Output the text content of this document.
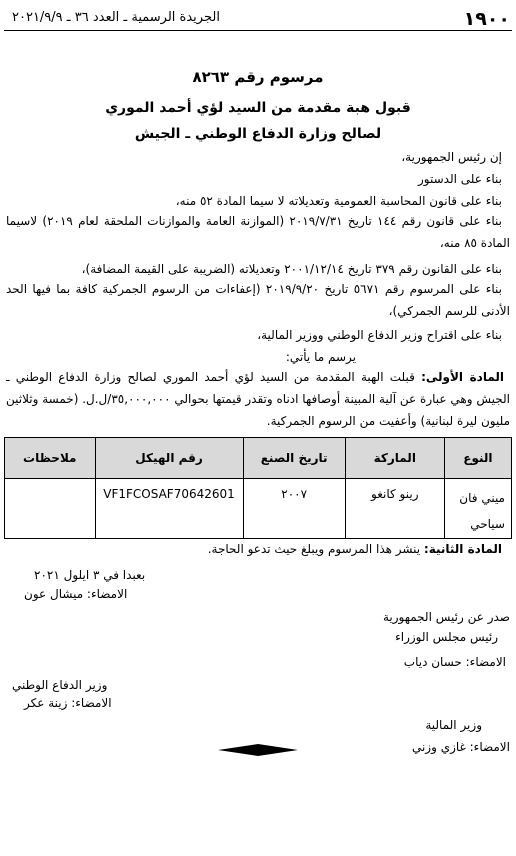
١٩٠٠
الجريدة الرسمية ـ العدد ٣٦ ـ ٢٠٢١/٩/٩
مرسوم رقم ٨٢٦٣
قبول هبة مقدمة من السيد لؤي أحمد الموري
لصالح وزارة الدفاع الوطني ـ الجيش
إن رئيس الجمهورية،
بناء على الدستور
بناء على قانون المحاسبة العمومية وتعديلاته لا سيما المادة ٥٢ منه،
بناء على قانون رقم ١٤٤ تاريخ ٢٠١٩/٧/٣١ (الموازنة العامة والموازنات الملحقة لعام ٢٠١٩) لاسيما المادة ٨٥ منه،
بناء على القانون رقم ٣٧٩ تاريخ ٢٠٠١/١٢/١٤ وتعديلاته (الضريبة على القيمة المضافة)،
بناء على المرسوم رقم ٥٦٧١ تاريخ ٢٠١٩/٩/٢٠ (إعفاءات من الرسوم الجمركية كافة بما فيها الحد الأدنى للرسم الجمركي)،
بناء على اقتراح وزير الدفاع الوطني ووزير المالية،
يرسم ما يأتي:
المادة الأولى: قبلت الهبة المقدمة من السيد لؤي أحمد الموري لصالح وزارة الدفاع الوطني ـ الجيش وهي عبارة عن آلية المبينة أوصافها ادناه وتقدر قيمتها بحوالي ٣٥,٠٠٠,٠٠٠/ل.ل. (خمسة وثلاثين مليون ليرة لبنانية) وأعفيت من الرسوم الجمركية.
النوع	الماركة	تاريخ الصنع	رقم الهيكل	ملاحظات
ميني فان سياحي	رينو كانغو	٢٠٠٧	VF1FCOSAF70642601	
المادة الثانية: ينشر هذا المرسوم ويبلغ حيث تدعو الحاجة.
بعبدا في ٣ ايلول ٢٠٢١
الامضاء: ميشال عون
صدر عن رئيس الجمهورية
رئيس مجلس الوزراء
الامضاء: حسان دياب
وزير الدفاع الوطني
الامضاء: زينة عكر
وزير المالية
الامضاء: غازي وزني
